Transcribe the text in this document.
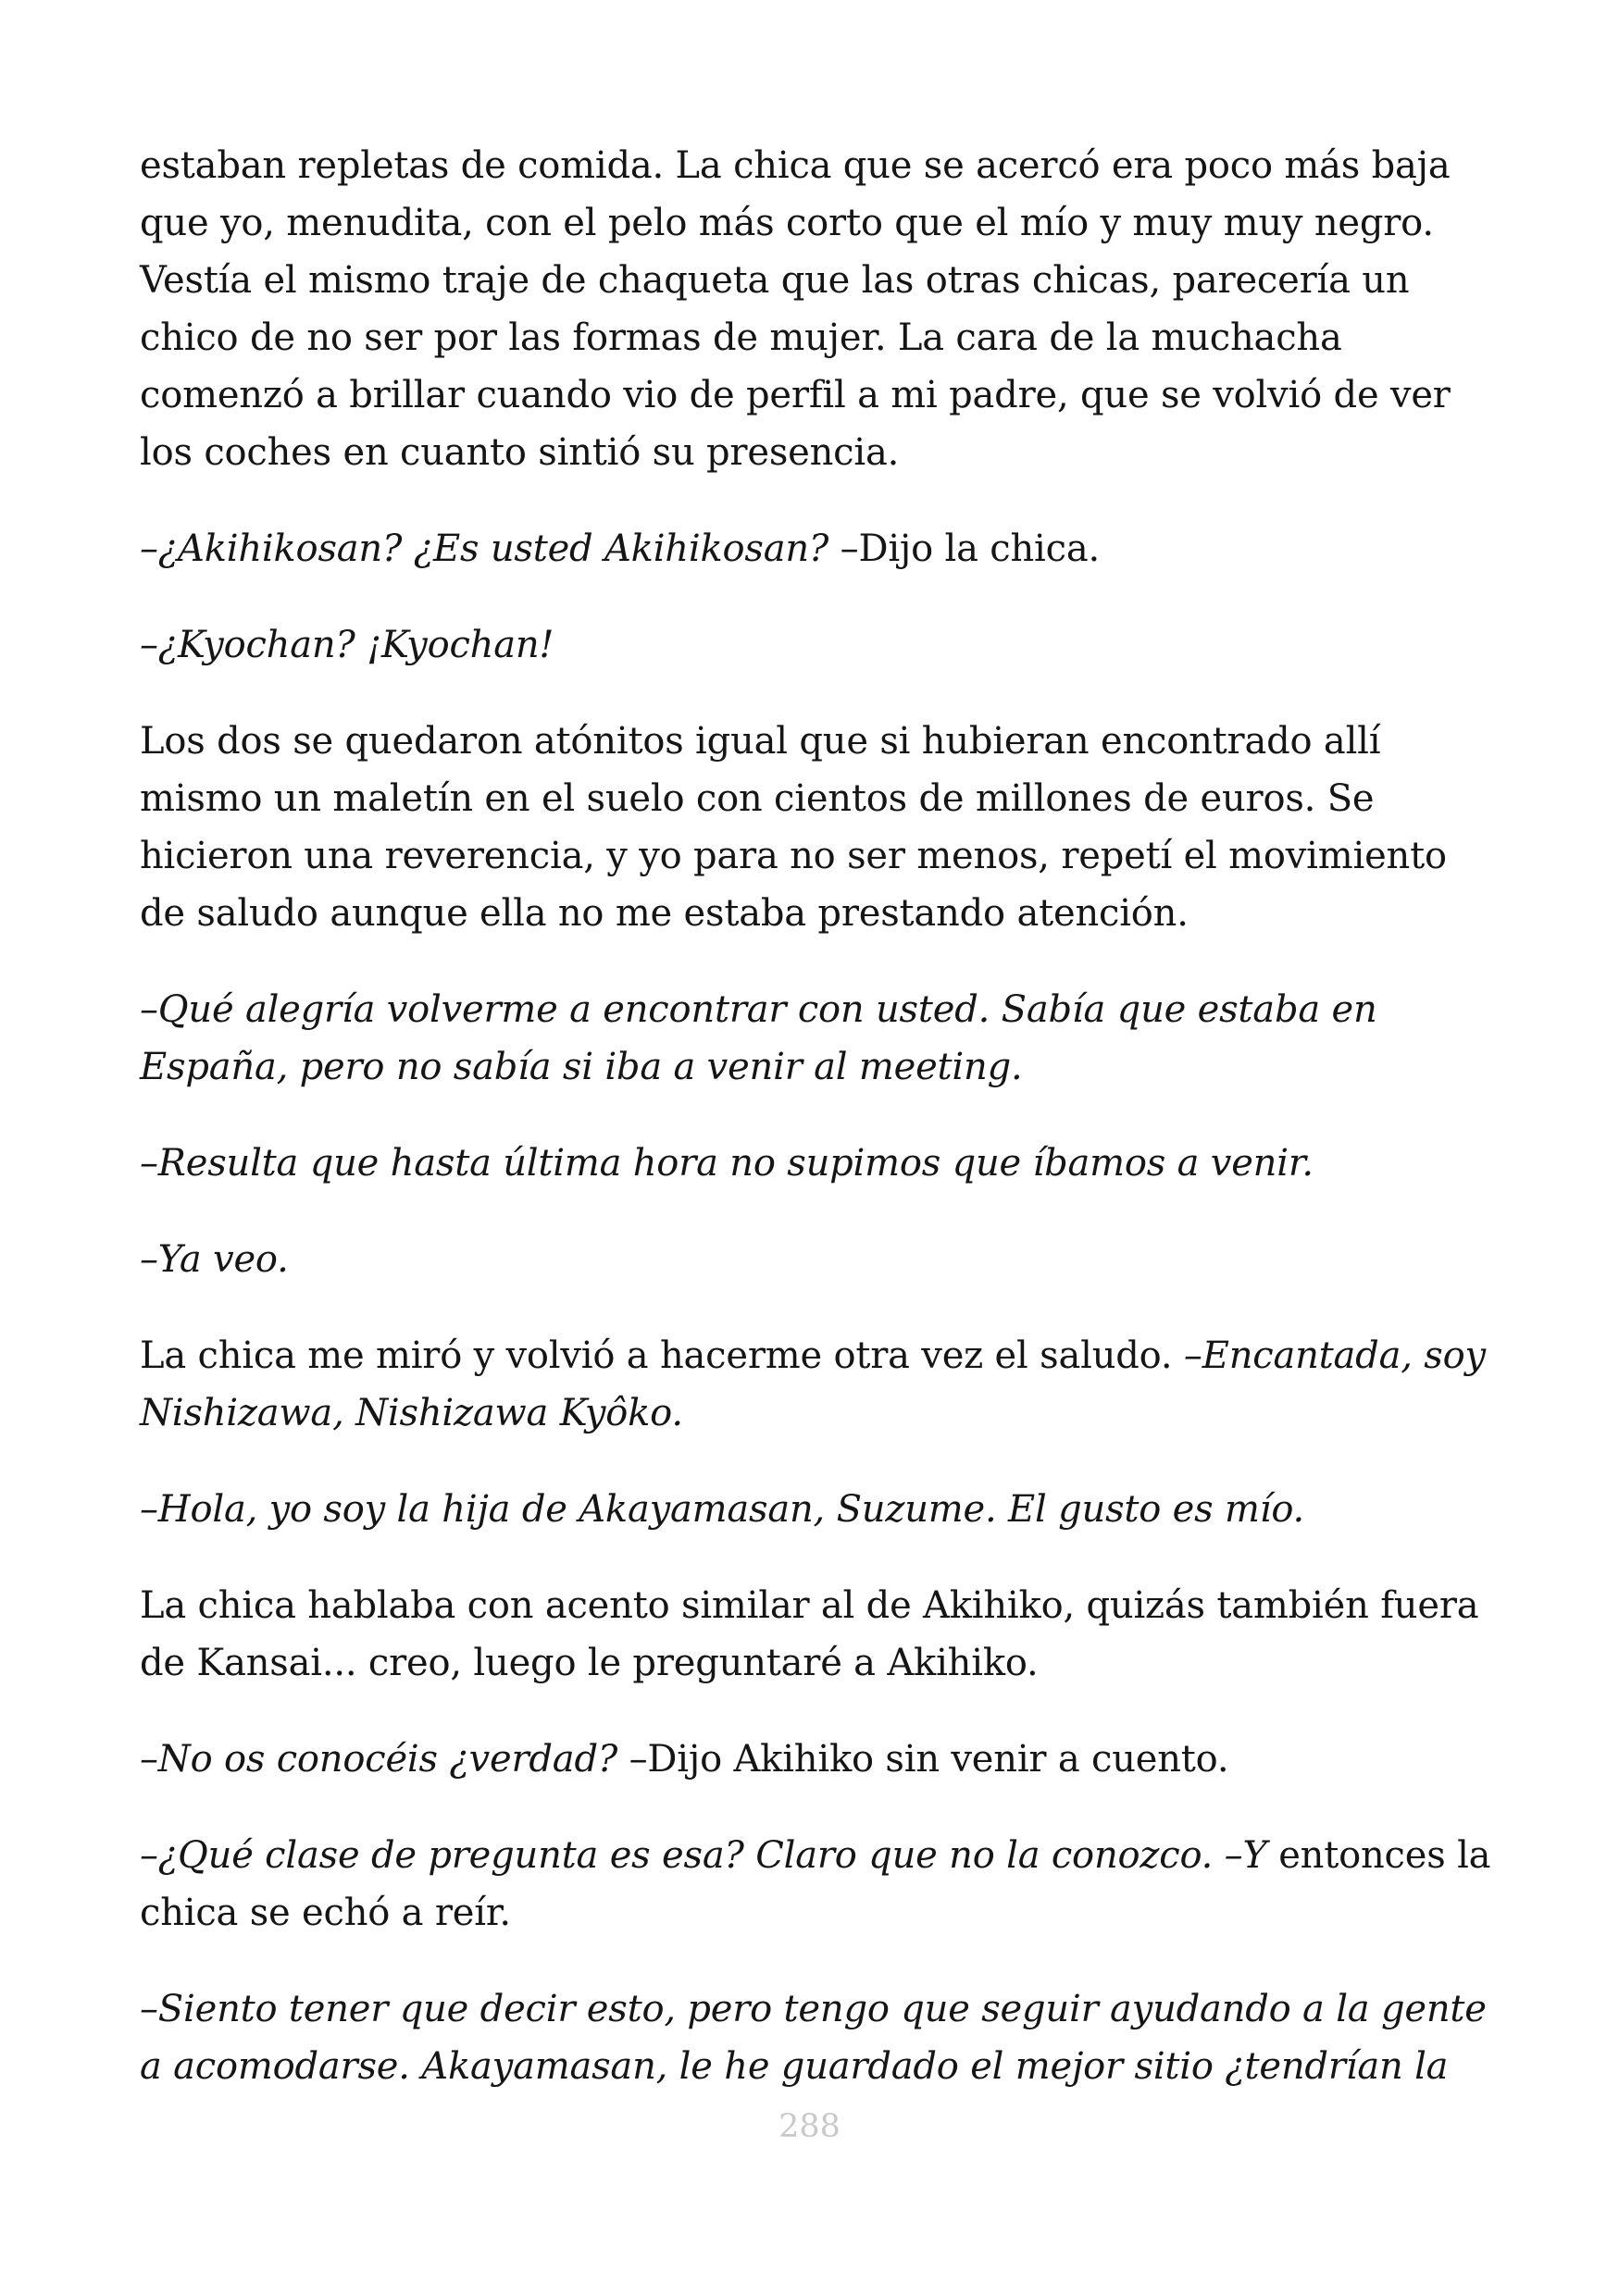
estaban repletas de comida. La chica que se acercó era poco más baja que yo, menudita, con el pelo más corto que el mío y muy muy negro. Vestía el mismo traje de chaqueta que las otras chicas, parecería un chico de no ser por las formas de mujer. La cara de la muchacha comenzó a brillar cuando vio de perfil a mi padre, que se volvió de ver los coches en cuanto sintió su presencia.

–¿Akihikosan? ¿Es usted Akihikosan? –Dijo la chica.

–¿Kyochan? ¡Kyochan!

Los dos se quedaron atónitos igual que si hubieran encontrado allí mismo un maletín en el suelo con cientos de millones de euros. Se hicieron una reverencia, y yo para no ser menos, repetí el movimiento de saludo aunque ella no me estaba prestando atención.

–Qué alegría volverme a encontrar con usted. Sabía que estaba en España, pero no sabía si iba a venir al meeting.

–Resulta que hasta última hora no supimos que íbamos a venir.

–Ya veo.

La chica me miró y volvió a hacerme otra vez el saludo. –Encantada, soy Nishizawa, Nishizawa Kyôko.

–Hola, yo soy la hija de Akayamasan, Suzume. El gusto es mío.

La chica hablaba con acento similar al de Akihiko, quizás también fuera de Kansai... creo, luego le preguntaré a Akihiko.

–No os conocéis ¿verdad? –Dijo Akihiko sin venir a cuento.

–¿Qué clase de pregunta es esa? Claro que no la conozco. –Y entonces la chica se echó a reír.

–Siento tener que decir esto, pero tengo que seguir ayudando a la gente a acomodarse. Akayamasan, le he guardado el mejor sitio ¿tendrían la

288
